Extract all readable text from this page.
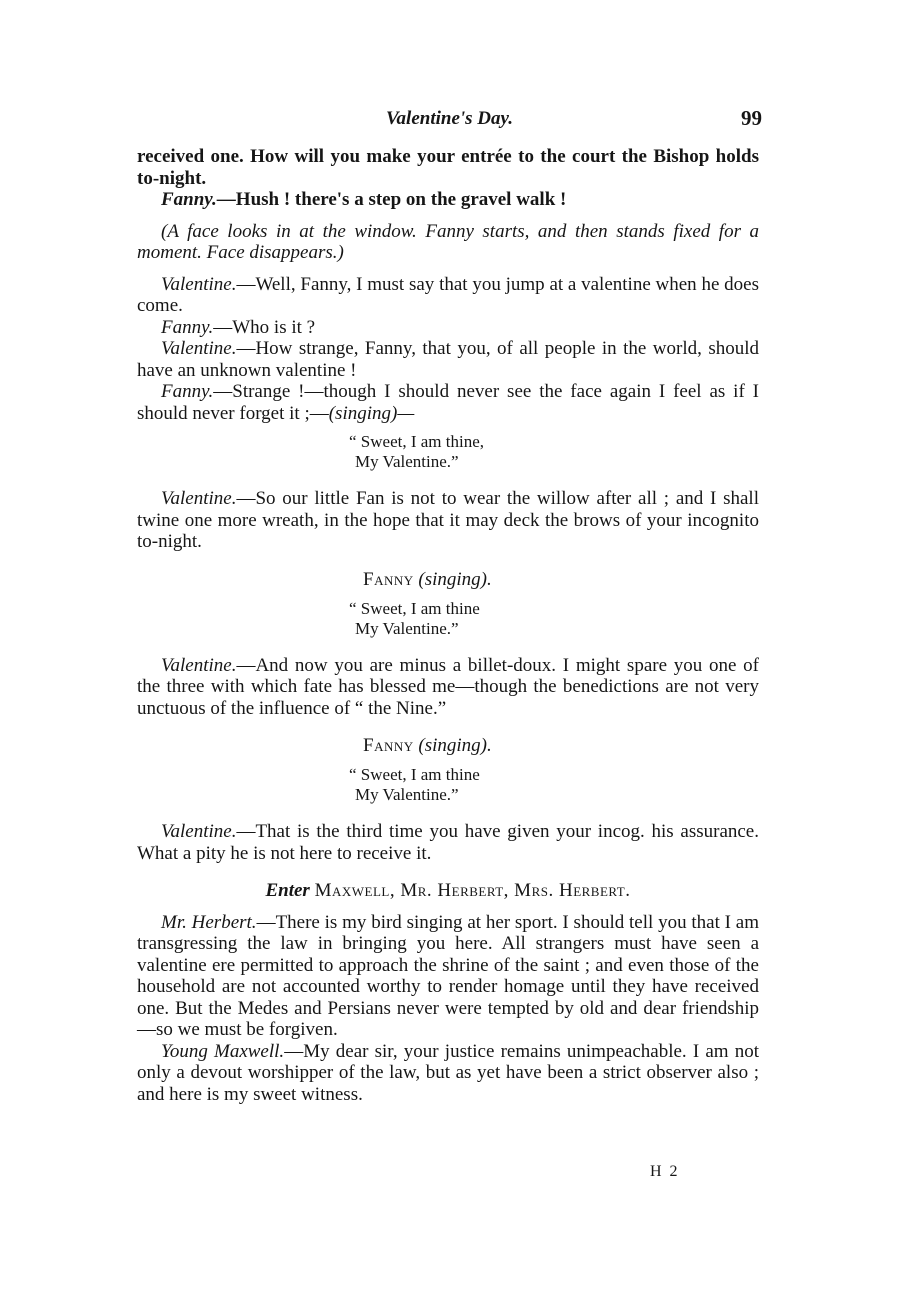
Valentine's Day.	99

received one. How will you make your entrée to the court the Bishop holds to-night.

Fanny.—Hush ! there's a step on the gravel walk !

(A face looks in at the window. Fanny starts, and then stands fixed for a moment. Face disappears.)

Valentine.—Well, Fanny, I must say that you jump at a valentine when he does come.

Fanny.—Who is it ?

Valentine.—How strange, Fanny, that you, of all people in the world, should have an unknown valentine !

Fanny.—Strange !—though I should never see the face again I feel as if I should never forget it ;—(singing)—

“ Sweet, I am thine,
My Valentine.”

Valentine.—So our little Fan is not to wear the willow after all ; and I shall twine one more wreath, in the hope that it may deck the brows of your incognito to-night.

Fanny (singing).

“ Sweet, I am thine
My Valentine.”

Valentine.—And now you are minus a billet-doux. I might spare you one of the three with which fate has blessed me—though the benedictions are not very unctuous of the influence of “ the Nine.”

Fanny (singing).

“ Sweet, I am thine
My Valentine.”

Valentine.—That is the third time you have given your incog. his assurance. What a pity he is not here to receive it.

Enter Maxwell, Mr. Herbert, Mrs. Herbert.

Mr. Herbert.—There is my bird singing at her sport. I should tell you that I am transgressing the law in bringing you here. All strangers must have seen a valentine ere permitted to approach the shrine of the saint ; and even those of the household are not accounted worthy to render homage until they have received one. But the Medes and Persians never were tempted by old and dear friendship—so we must be forgiven.

Young Maxwell.—My dear sir, your justice remains unimpeachable. I am not only a devout worshipper of the law, but as yet have been a strict observer also ; and here is my sweet witness.

H 2
